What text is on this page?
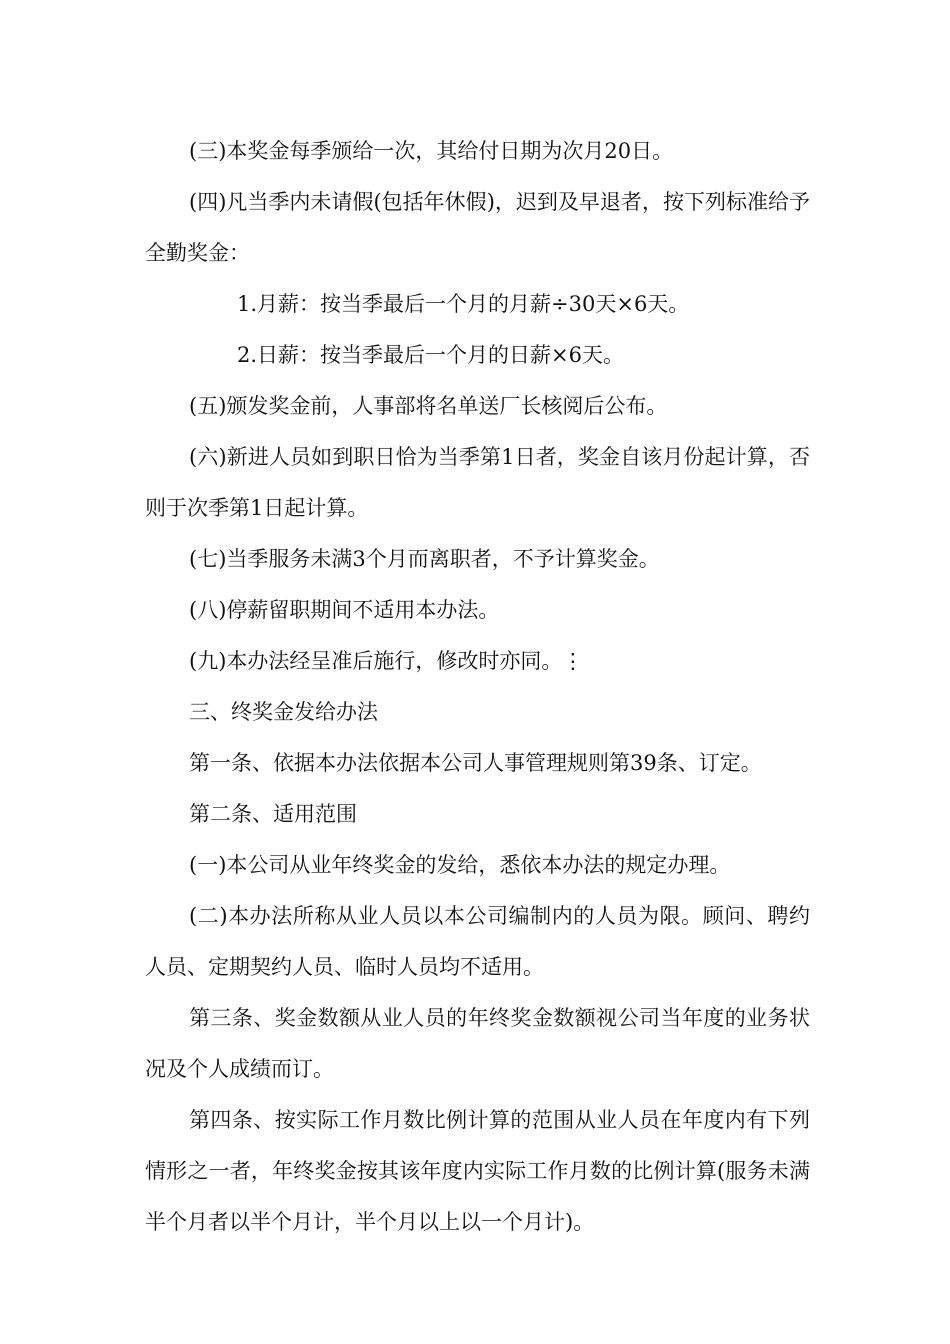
(三)本奖金每季颁给一次，其给付日期为次月20日。

(四)凡当季内未请假(包括年休假)，迟到及早退者，按下列标准给予全勤奖金：

1.月薪：按当季最后一个月的月薪÷30天×6天。

2.日薪：按当季最后一个月的日薪×6天。

(五)颁发奖金前，人事部将名单送厂长核阅后公布。

(六)新进人员如到职日恰为当季第1日者，奖金自该月份起计算，否则于次季第1日起计算。

(七)当季服务未满3个月而离职者，不予计算奖金。

(八)停薪留职期间不适用本办法。

(九)本办法经呈准后施行，修改时亦同。⋮

三、终奖金发给办法

第一条、依据本办法依据本公司人事管理规则第39条、订定。

第二条、适用范围

(一)本公司从业年终奖金的发给，悉依本办法的规定办理。

(二)本办法所称从业人员以本公司编制内的人员为限。顾问、聘约人员、定期契约人员、临时人员均不适用。

第三条、奖金数额从业人员的年终奖金数额视公司当年度的业务状况及个人成绩而订。

第四条、按实际工作月数比例计算的范围从业人员在年度内有下列情形之一者，年终奖金按其该年度内实际工作月数的比例计算(服务未满半个月者以半个月计，半个月以上以一个月计)。
